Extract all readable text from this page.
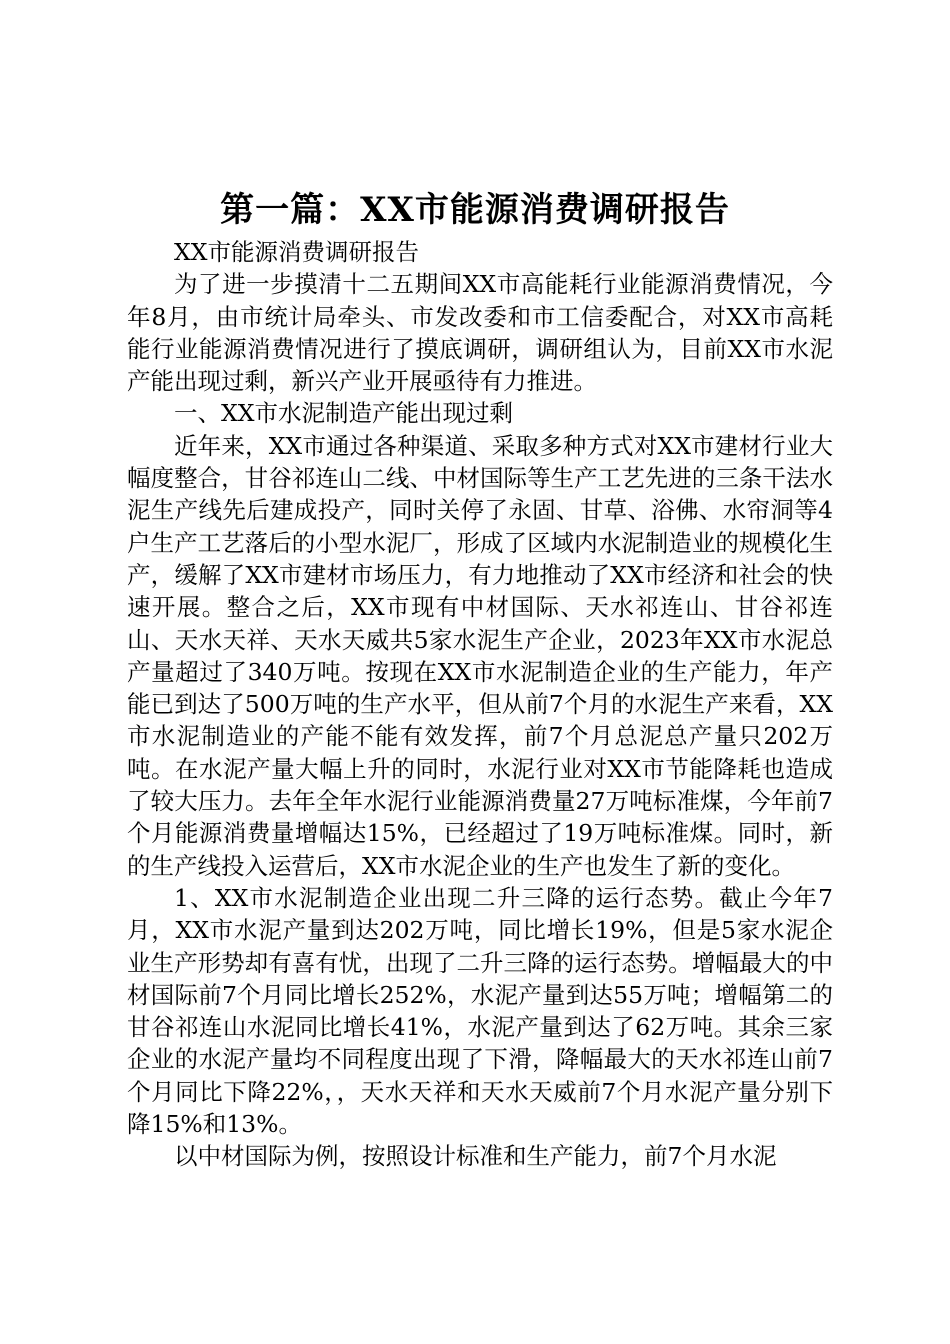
第一篇：XX市能源消费调研报告

XX市能源消费调研报告

为了进一步摸清十二五期间XX市高能耗行业能源消费情况，今年8月，由市统计局牵头、市发改委和市工信委配合，对XX市高耗能行业能源消费情况进行了摸底调研，调研组认为，目前XX市水泥产能出现过剩，新兴产业开展亟待有力推进。

一、XX市水泥制造产能出现过剩

近年来，XX市通过各种渠道、采取多种方式对XX市建材行业大幅度整合，甘谷祁连山二线、中材国际等生产工艺先进的三条干法水泥生产线先后建成投产，同时关停了永固、甘草、浴佛、水帘洞等4户生产工艺落后的小型水泥厂，形成了区域内水泥制造业的规模化生产，缓解了XX市建材市场压力，有力地推动了XX市经济和社会的快速开展。整合之后，XX市现有中材国际、天水祁连山、甘谷祁连山、天水天祥、天水天威共5家水泥生产企业，2023年XX市水泥总产量超过了340万吨。按现在XX市水泥制造企业的生产能力，年产能已到达了500万吨的生产水平，但从前7个月的水泥生产来看，XX市水泥制造业的产能不能有效发挥，前7个月总泥总产量只202万吨。在水泥产量大幅上升的同时，水泥行业对XX市节能降耗也造成了较大压力。去年全年水泥行业能源消费量27万吨标准煤，今年前7个月能源消费量增幅达15%，已经超过了19万吨标准煤。同时，新的生产线投入运营后，XX市水泥企业的生产也发生了新的变化。

1、XX市水泥制造企业出现二升三降的运行态势。截止今年7月，XX市水泥产量到达202万吨，同比增长19%，但是5家水泥企业生产形势却有喜有忧，出现了二升三降的运行态势。增幅最大的中材国际前7个月同比增长252%，水泥产量到达55万吨；增幅第二的甘谷祁连山水泥同比增长41%，水泥产量到达了62万吨。其余三家企业的水泥产量均不同程度出现了下滑，降幅最大的天水祁连山前7个月同比下降22%，，天水天祥和天水天威前7个月水泥产量分别下降15%和13%。

以中材国际为例，按照设计标准和生产能力，前7个月水泥
